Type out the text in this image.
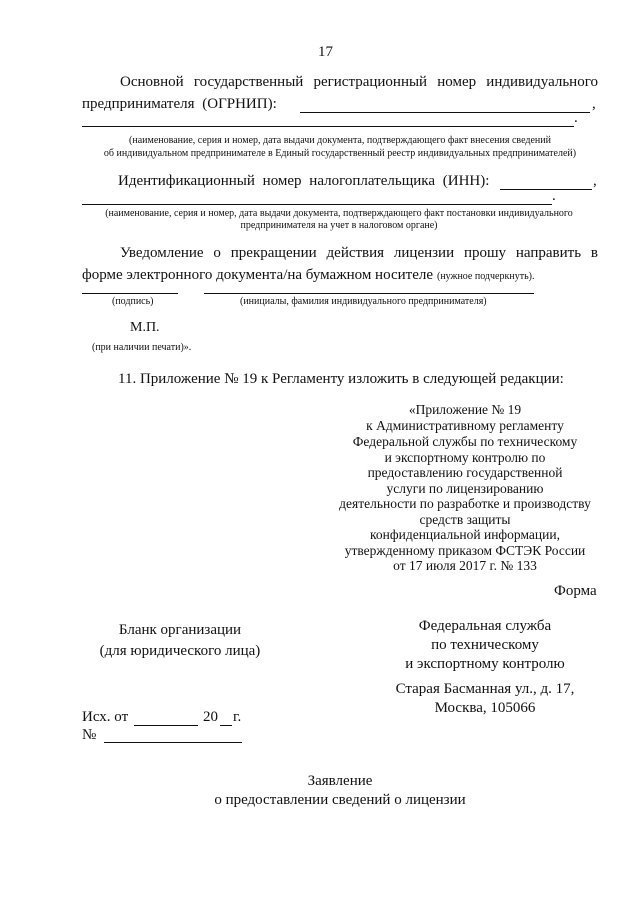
17
Основной государственный регистрационный номер индивидуального
предпринимателя (ОГРНИП):	,
.
(наименование, серия и номер, дата выдачи документа, подтверждающего факт внесения сведений
об индивидуальном предпринимателе в Единый государственный реестр индивидуальных предпринимателей)
Идентификационный номер налогоплательщика (ИНН):	,
.
(наименование, серия и номер, дата выдачи документа, подтверждающего факт постановки индивидуального
предпринимателя на учет в налоговом органе)
Уведомление о прекращении действия лицензии прошу направить в
форме электронного документа/на бумажном носителе (нужное подчеркнуть).
(подпись)	(инициалы, фамилия индивидуального предпринимателя)
М.П.
(при наличии печати)».
11. Приложение № 19 к Регламенту изложить в следующей редакции:
«Приложение № 19
к Административному регламенту
Федеральной службы по техническому
и экспортному контролю по
предоставлению государственной
услуги по лицензированию
деятельности по разработке и производству
средств защиты
конфиденциальной информации,
утвержденному приказом ФСТЭК России
от 17 июля 2017 г. № 133
Форма
Бланк организации
(для юридического лица)
Федеральная служба
по техническому
и экспортному контролю
Старая Басманная ул., д. 17,
Москва, 105066
Исх. от	20 г.
№
Заявление
о предоставлении сведений о лицензии
